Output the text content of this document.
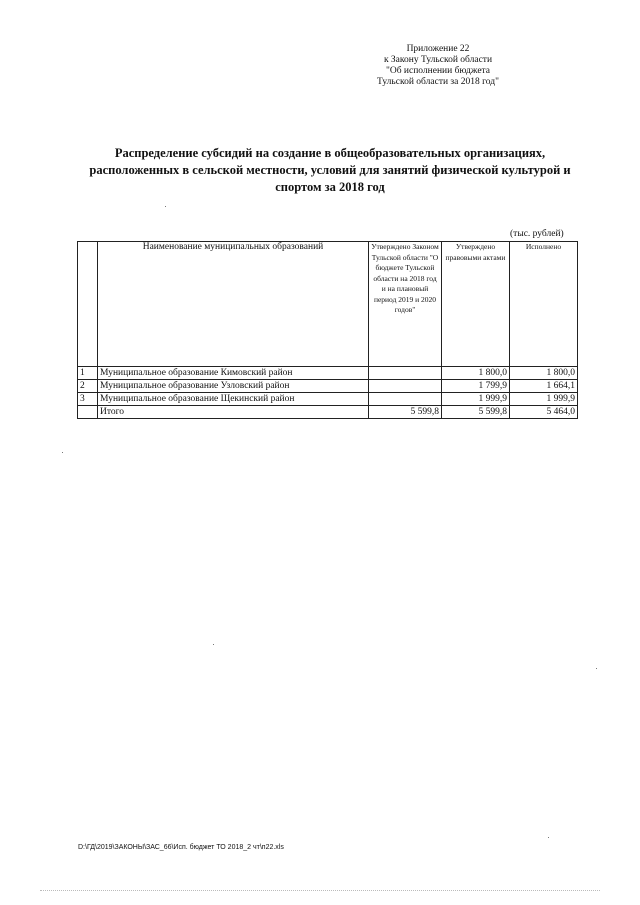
Приложение 22
к Закону Тульской области
"Об исполнении бюджета
Тульской области за 2018 год"
Распределение субсидий на создание в общеобразовательных организациях,
расположенных в сельской местности, условий для занятий физической культурой и
спортом за 2018 год
(тыс. рублей)
	Наименование муниципальных образований	Утверждено Законом Тульской области "О бюджете Тульской области на 2018 год и на плановый период 2019 и 2020 годов"	Утверждено правовыми актами	Исполнено
1	Муниципальное образование Кимовский район		1 800,0	1 800,0
2	Муниципальное образование Узловский район		1 799,9	1 664,1
3	Муниципальное образование Щекинский район		1 999,9	1 999,9
	Итого	5 599,8	5 599,8	5 464,0
D:\ГД\2019\ЗАКОНЫ\ЗАС_66\Исп. бюджет ТО 2018_2 чт\п22.xls
